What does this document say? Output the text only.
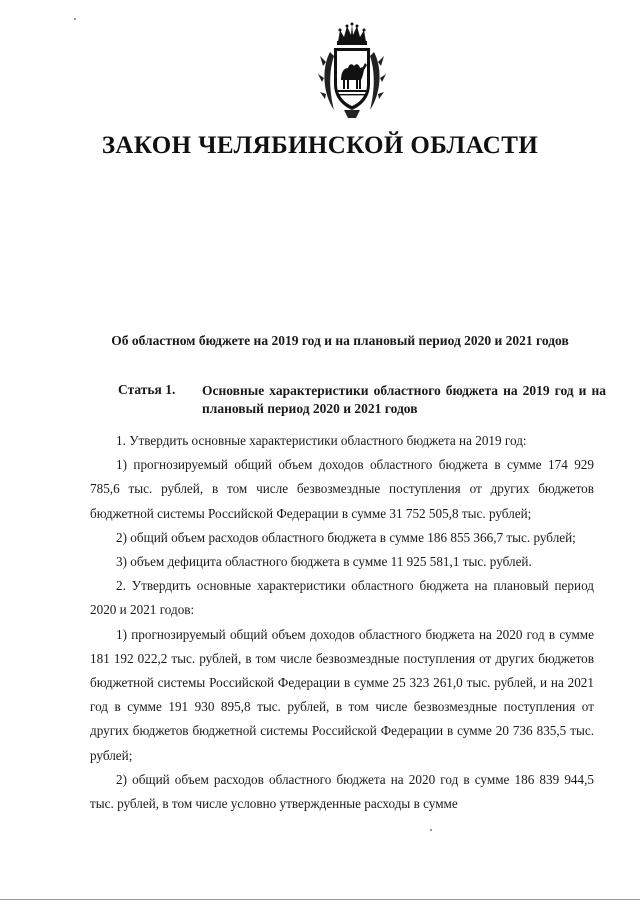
ЗАКОН ЧЕЛЯБИНСКОЙ ОБЛАСТИ
Об областном бюджете на 2019 год и на плановый период 2020 и 2021 годов
Статья 1. Основные характеристики областного бюджета на 2019 год и на плановый период 2020 и 2021 годов

1. Утвердить основные характеристики областного бюджета на 2019 год:

1) прогнозируемый общий объем доходов областного бюджета в сумме 174 929 785,6 тыс. рублей, в том числе безвозмездные поступления от других бюджетов бюджетной системы Российской Федерации в сумме 31 752 505,8 тыс. рублей;

2) общий объем расходов областного бюджета в сумме 186 855 366,7 тыс. рублей;

3) объем дефицита областного бюджета в сумме 11 925 581,1 тыс. рублей.

2. Утвердить основные характеристики областного бюджета на плановый период 2020 и 2021 годов:

1) прогнозируемый общий объем доходов областного бюджета на 2020 год в сумме 181 192 022,2 тыс. рублей, в том числе безвозмездные поступления от других бюджетов бюджетной системы Российской Федерации в сумме 25 323 261,0 тыс. рублей, и на 2021 год в сумме 191 930 895,8 тыс. рублей, в том числе безвозмездные поступления от других бюджетов бюджетной системы Российской Федерации в сумме 20 736 835,5 тыс. рублей;

2) общий объем расходов областного бюджета на 2020 год в сумме 186 839 944,5 тыс. рублей, в том числе условно утвержденные расходы в сумме
